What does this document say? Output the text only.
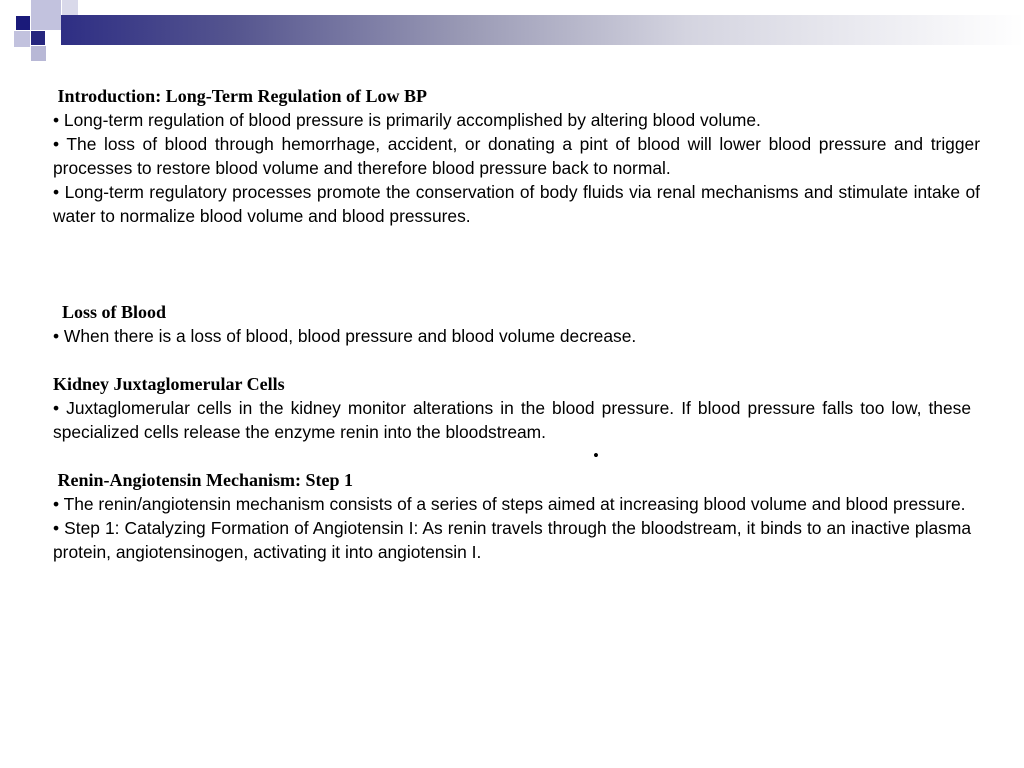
Introduction: Long-Term Regulation of Low BP

• Long-term regulation of blood pressure is primarily accomplished by altering blood volume.

• The loss of blood through hemorrhage, accident, or donating a pint of blood will lower blood pressure and trigger processes to restore blood volume and therefore blood pressure back to normal.

• Long-term regulatory processes promote the conservation of body fluids via renal mechanisms and stimulate intake of water to normalize blood volume and blood pressures.

Loss of Blood

• When there is a loss of blood, blood pressure and blood volume decrease.

Kidney Juxtaglomerular Cells

• Juxtaglomerular cells in the kidney monitor alterations in the blood pressure. If blood pressure falls too low, these specialized cells release the enzyme renin into the bloodstream.

•

Renin-Angiotensin Mechanism: Step 1

• The renin/angiotensin mechanism consists of a series of steps aimed at increasing blood volume and blood pressure.

• Step 1: Catalyzing Formation of Angiotensin I: As renin travels through the bloodstream, it binds to an inactive plasma protein, angiotensinogen, activating it into angiotensin I.
